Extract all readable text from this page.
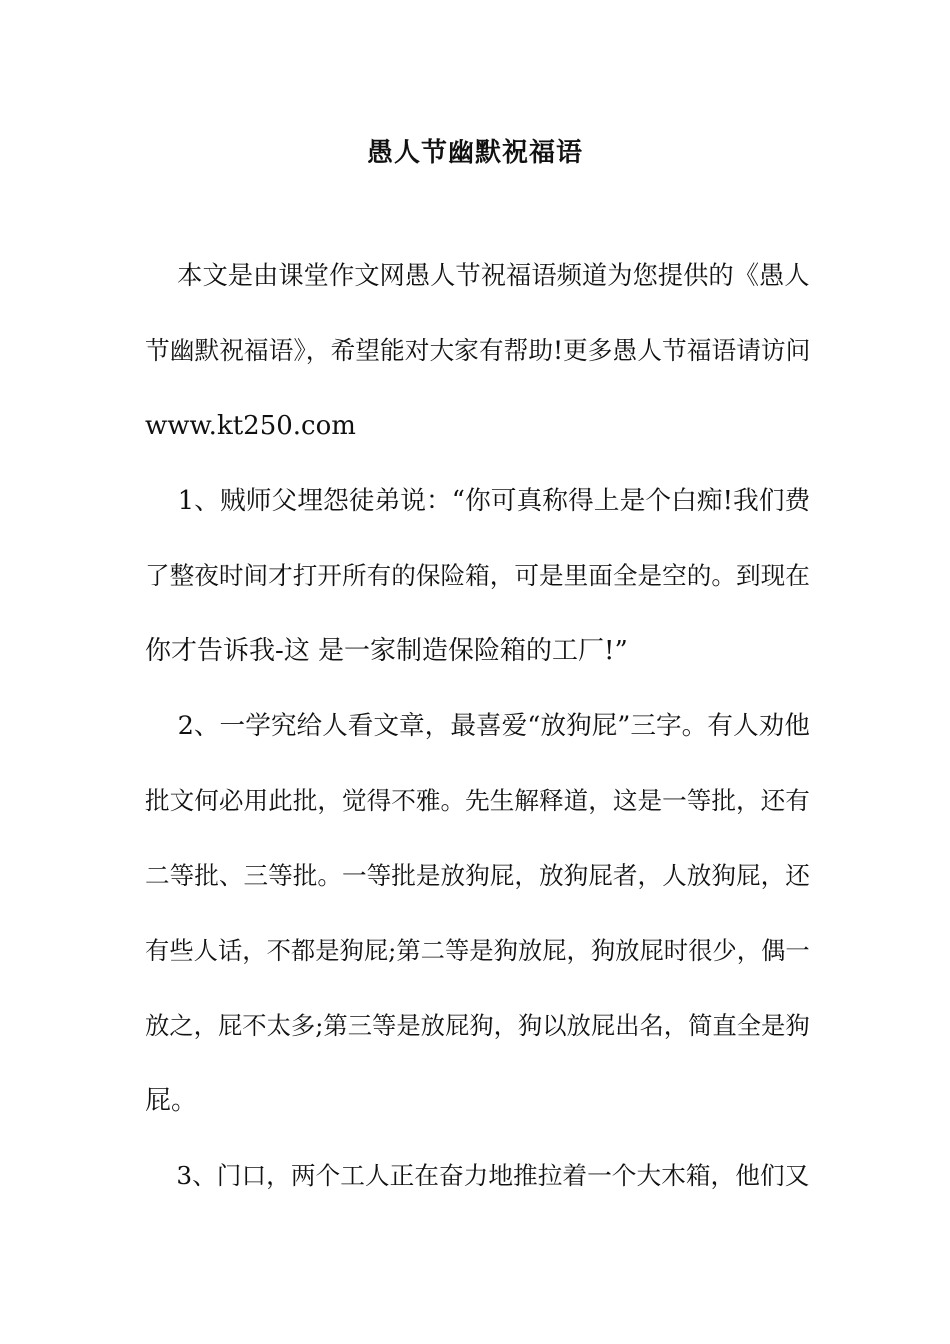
愚人节幽默祝福语
本文是由课堂作文网愚人节祝福语频道为您提供的《愚人
节幽默祝福语》，希望能对大家有帮助!更多愚人节福语请访问
www.kt250.com
1、贼师父埋怨徒弟说：“你可真称得上是个白痴!我们费
了整夜时间才打开所有的保险箱，可是里面全是空的。到现在
你才告诉我-这 是一家制造保险箱的工厂!”
2、一学究给人看文章，最喜爱“放狗屁”三字。有人劝他
批文何必用此批，觉得不雅。先生解释道，这是一等批，还有
二等批、三等批。一等批是放狗屁，放狗屁者，人放狗屁，还
有些人话，不都是狗屁;第二等是狗放屁，狗放屁时很少，偶一
放之，屁不太多;第三等是放屁狗，狗以放屁出名，简直全是狗
屁。
3、门口，两个工人正在奋力地推拉着一个大木箱，他们又
